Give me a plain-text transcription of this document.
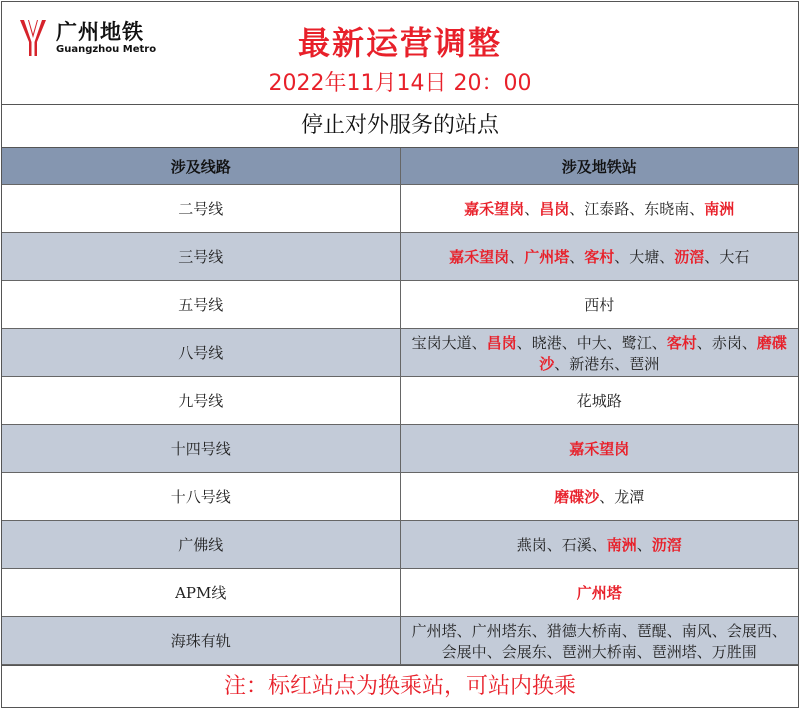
广州地铁
Guangzhou Metro	最新运营调整
2022年11月14日 20：00
停止对外服务的站点
涉及线路	涉及地铁站
二号线	嘉禾望岗、昌岗、江泰路、东晓南、南洲
三号线	嘉禾望岗、广州塔、客村、大塘、沥滘、大石
五号线	西村
八号线	宝岗大道、昌岗、晓港、中大、鹭江、客村、赤岗、磨碟沙、新港东、琶洲
九号线	花城路
十四号线	嘉禾望岗
十八号线	磨碟沙、龙潭
广佛线	燕岗、石溪、南洲、沥滘
APM线	广州塔
海珠有轨	广州塔、广州塔东、猎德大桥南、琶醍、南风、会展西、会展中、会展东、琶洲大桥南、琶洲塔、万胜围
注：标红站点为换乘站，可站内换乘
